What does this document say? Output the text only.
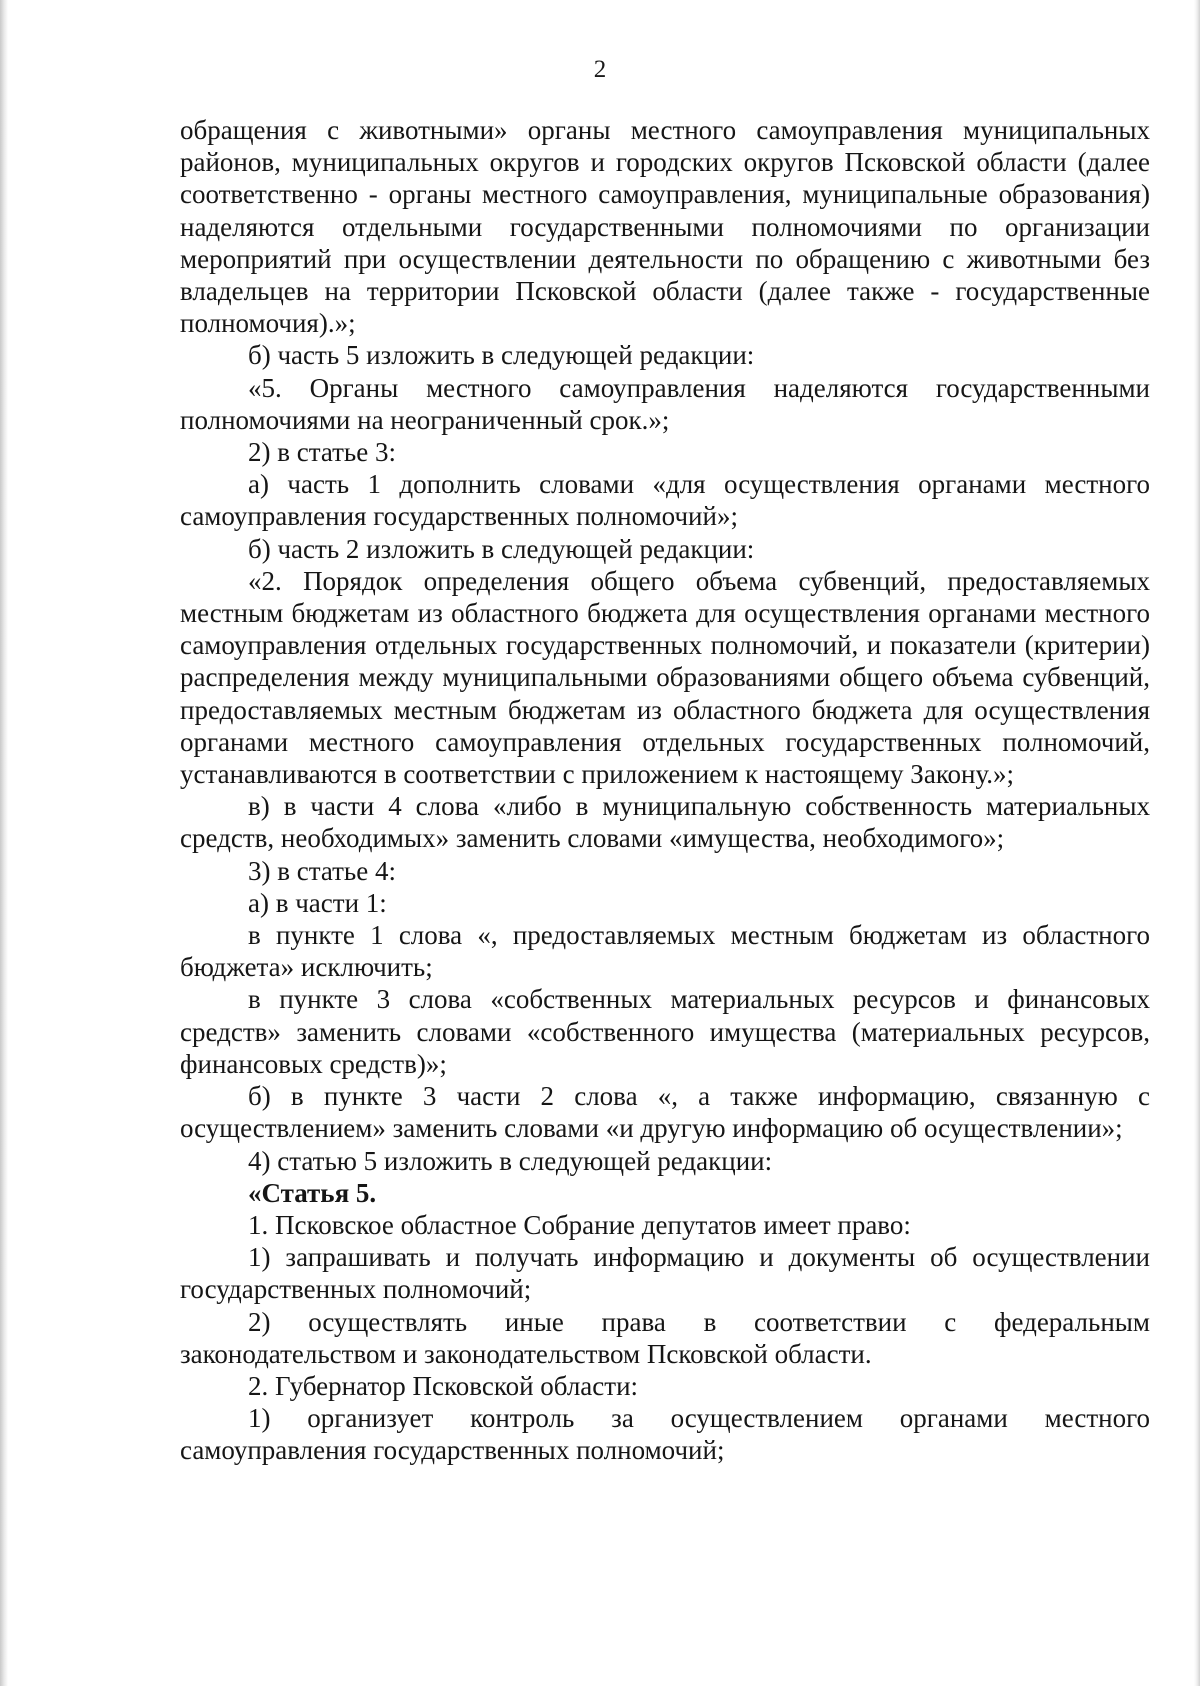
2

обращения с животными» органы местного самоуправления муниципальных районов, муниципальных округов и городских округов Псковской области (далее соответственно - органы местного самоуправления, муниципальные образования) наделяются отдельными государственными полномочиями по организации мероприятий при осуществлении деятельности по обращению с животными без владельцев на территории Псковской области (далее также - государственные полномочия).»;

б) часть 5 изложить в следующей редакции:

«5. Органы местного самоуправления наделяются государственными полномочиями на неограниченный срок.»;

2) в статье 3:

а) часть 1 дополнить словами «для осуществления органами местного самоуправления государственных полномочий»;

б) часть 2 изложить в следующей редакции:

«2. Порядок определения общего объема субвенций, предоставляемых местным бюджетам из областного бюджета для осуществления органами местного самоуправления отдельных государственных полномочий, и показатели (критерии) распределения между муниципальными образованиями общего объема субвенций, предоставляемых местным бюджетам из областного бюджета для осуществления органами местного самоуправления отдельных государственных полномочий, устанавливаются в соответствии с приложением к настоящему Закону.»;

в) в части 4 слова «либо в муниципальную собственность материальных средств, необходимых» заменить словами «имущества, необходимого»;

3) в статье 4:

а) в части 1:

в пункте 1 слова «, предоставляемых местным бюджетам из областного бюджета» исключить;

в пункте 3 слова «собственных материальных ресурсов и финансовых средств» заменить словами «собственного имущества (материальных ресурсов, финансовых средств)»;

б) в пункте 3 части 2 слова «, а также информацию, связанную с осуществлением» заменить словами «и другую информацию об осуществлении»;

4) статью 5 изложить в следующей редакции:

«Статья 5.

1. Псковское областное Собрание депутатов имеет право:

1) запрашивать и получать информацию и документы об осуществлении государственных полномочий;

2) осуществлять иные права в соответствии с федеральным законодательством и законодательством Псковской области.

2. Губернатор Псковской области:

1) организует контроль за осуществлением органами местного самоуправления государственных полномочий;
